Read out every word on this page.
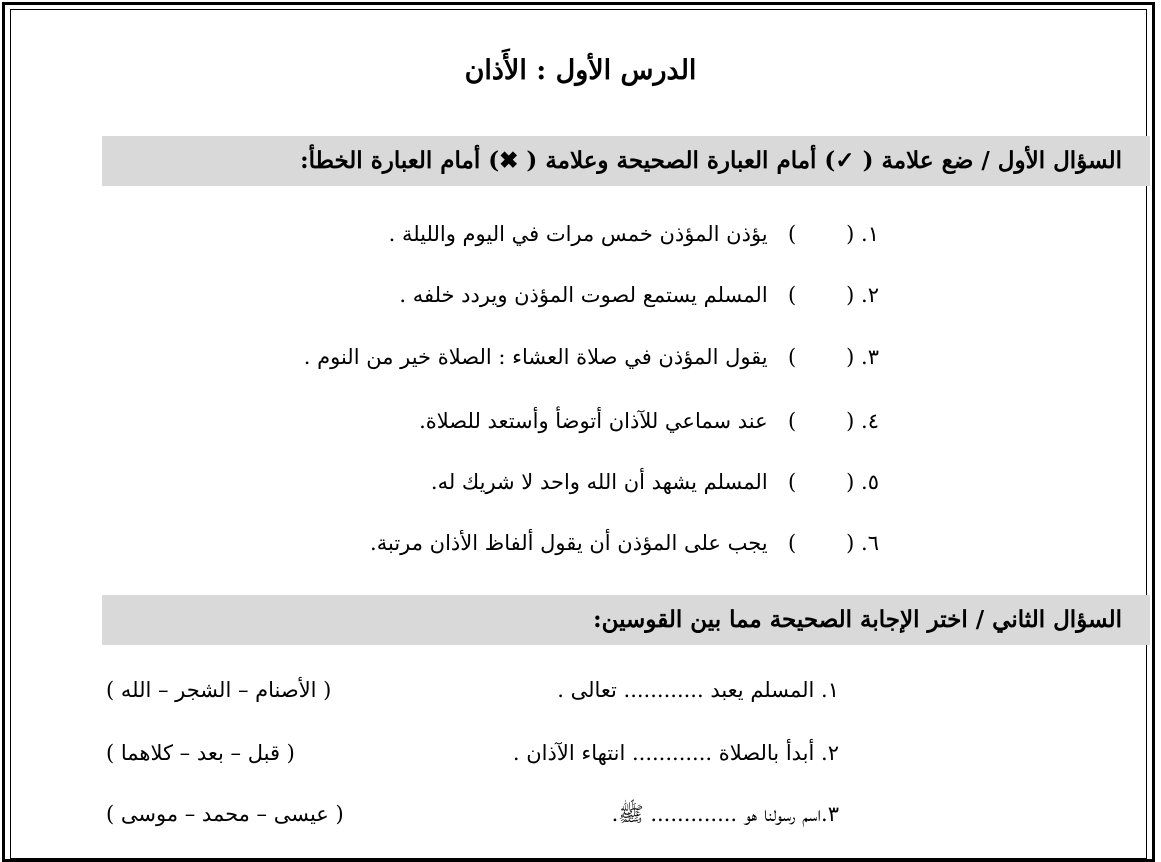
الدرس الأول : الأَذان
السؤال الأول / ضع علامة ( ✓) أمام العبارة الصحيحة وعلامة ( ✖) أمام العبارة الخطأ:
١. () يؤذن المؤذن خمس مرات في اليوم والليلة .
٢. () المسلم يستمع لصوت المؤذن ويردد خلفه .
٣. () يقول المؤذن في صلاة العشاء : الصلاة خير من النوم .
٤. () عند سماعي للآذان أتوضأ وأستعد للصلاة.
٥. () المسلم يشهد أن الله واحد لا شريك له.
٦. () يجب على المؤذن أن يقول ألفاظ الأذان مرتبة.
السؤال الثاني / اختر الإجابة الصحيحة مما بين القوسين:
١. المسلم يعبد ............ تعالى .
( الأصنام – الشجر – الله )
٢. أبدأ بالصلاة ............ انتهاء الآذان .
( قبل – بعد – كلاهما )
٣.اسم رسولنا هو ............. ﷺ.
( عيسى – محمد – موسى )
